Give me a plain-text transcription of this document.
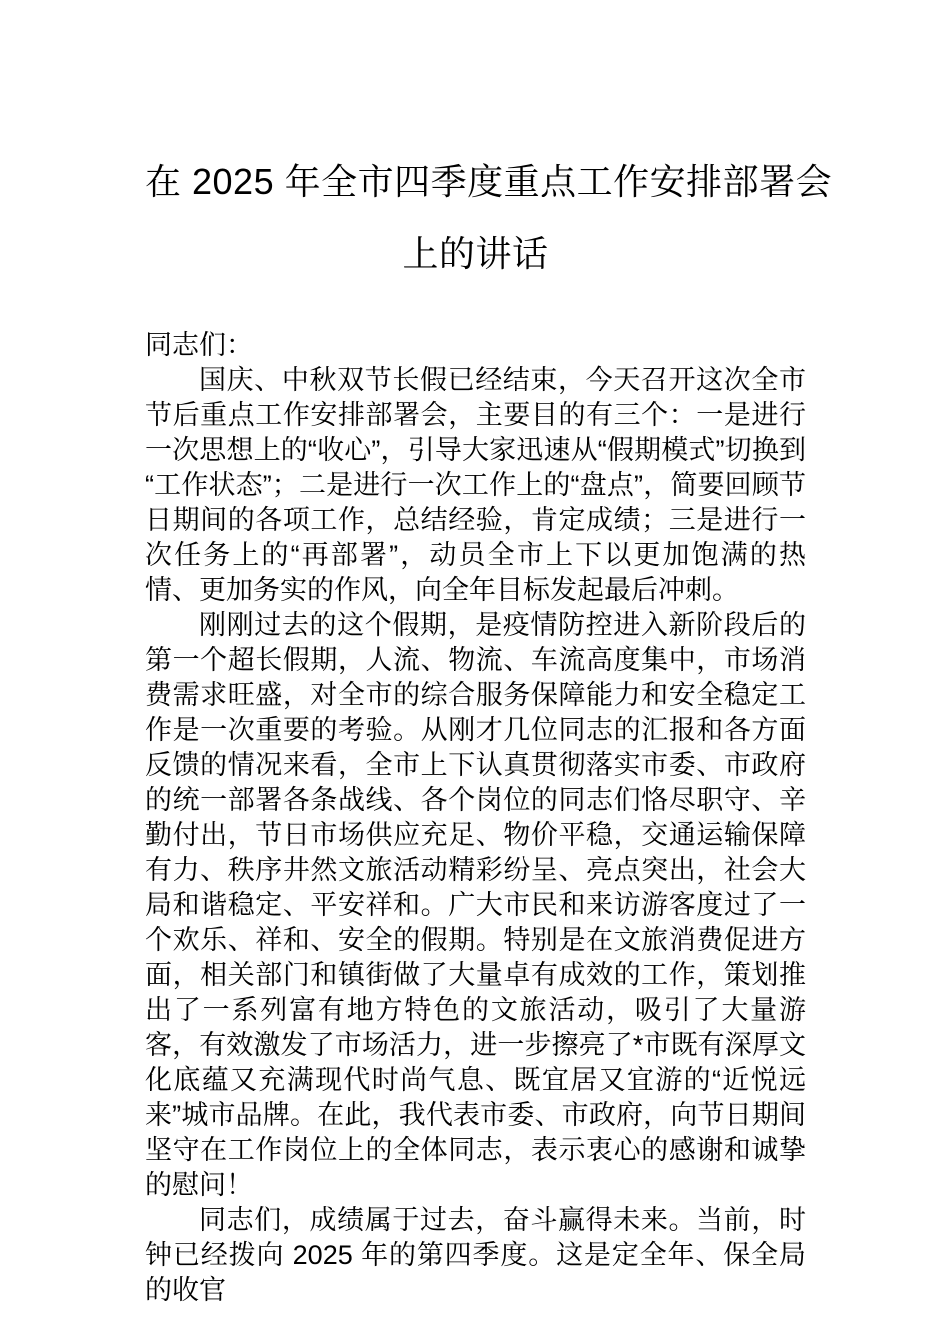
在 2025 年全市四季度重点工作安排部署会
上的讲话

同志们：

国庆、中秋双节长假已经结束，今天召开这次全市节后重点工作安排部署会，主要目的有三个：一是进行一次思想上的“收心”，引导大家迅速从“假期模式”切换到“工作状态”；二是进行一次工作上的“盘点”，简要回顾节日期间的各项工作，总结经验，肯定成绩；三是进行一次任务上的“再部署”，动员全市上下以更加饱满的热情、更加务实的作风，向全年目标发起最后冲刺。

刚刚过去的这个假期，是疫情防控进入新阶段后的第一个超长假期，人流、物流、车流高度集中，市场消费需求旺盛，对全市的综合服务保障能力和安全稳定工作是一次重要的考验。从刚才几位同志的汇报和各方面反馈的情况来看，全市上下认真贯彻落实市委、市政府的统一部署各条战线、各个岗位的同志们恪尽职守、辛勤付出，节日市场供应充足、物价平稳，交通运输保障有力、秩序井然文旅活动精彩纷呈、亮点突出，社会大局和谐稳定、平安祥和。广大市民和来访游客度过了一个欢乐、祥和、安全的假期。特别是在文旅消费促进方面，相关部门和镇街做了大量卓有成效的工作，策划推出了一系列富有地方特色的文旅活动，吸引了大量游客，有效激发了市场活力，进一步擦亮了*市既有深厚文化底蕴又充满现代时尚气息、既宜居又宜游的“近悦远来”城市品牌。在此，我代表市委、市政府，向节日期间坚守在工作岗位上的全体同志，表示衷心的感谢和诚挚的慰问！

同志们，成绩属于过去，奋斗赢得未来。当前，时钟已经拨向 2025 年的第四季度。这是定全年、保全局的收官
